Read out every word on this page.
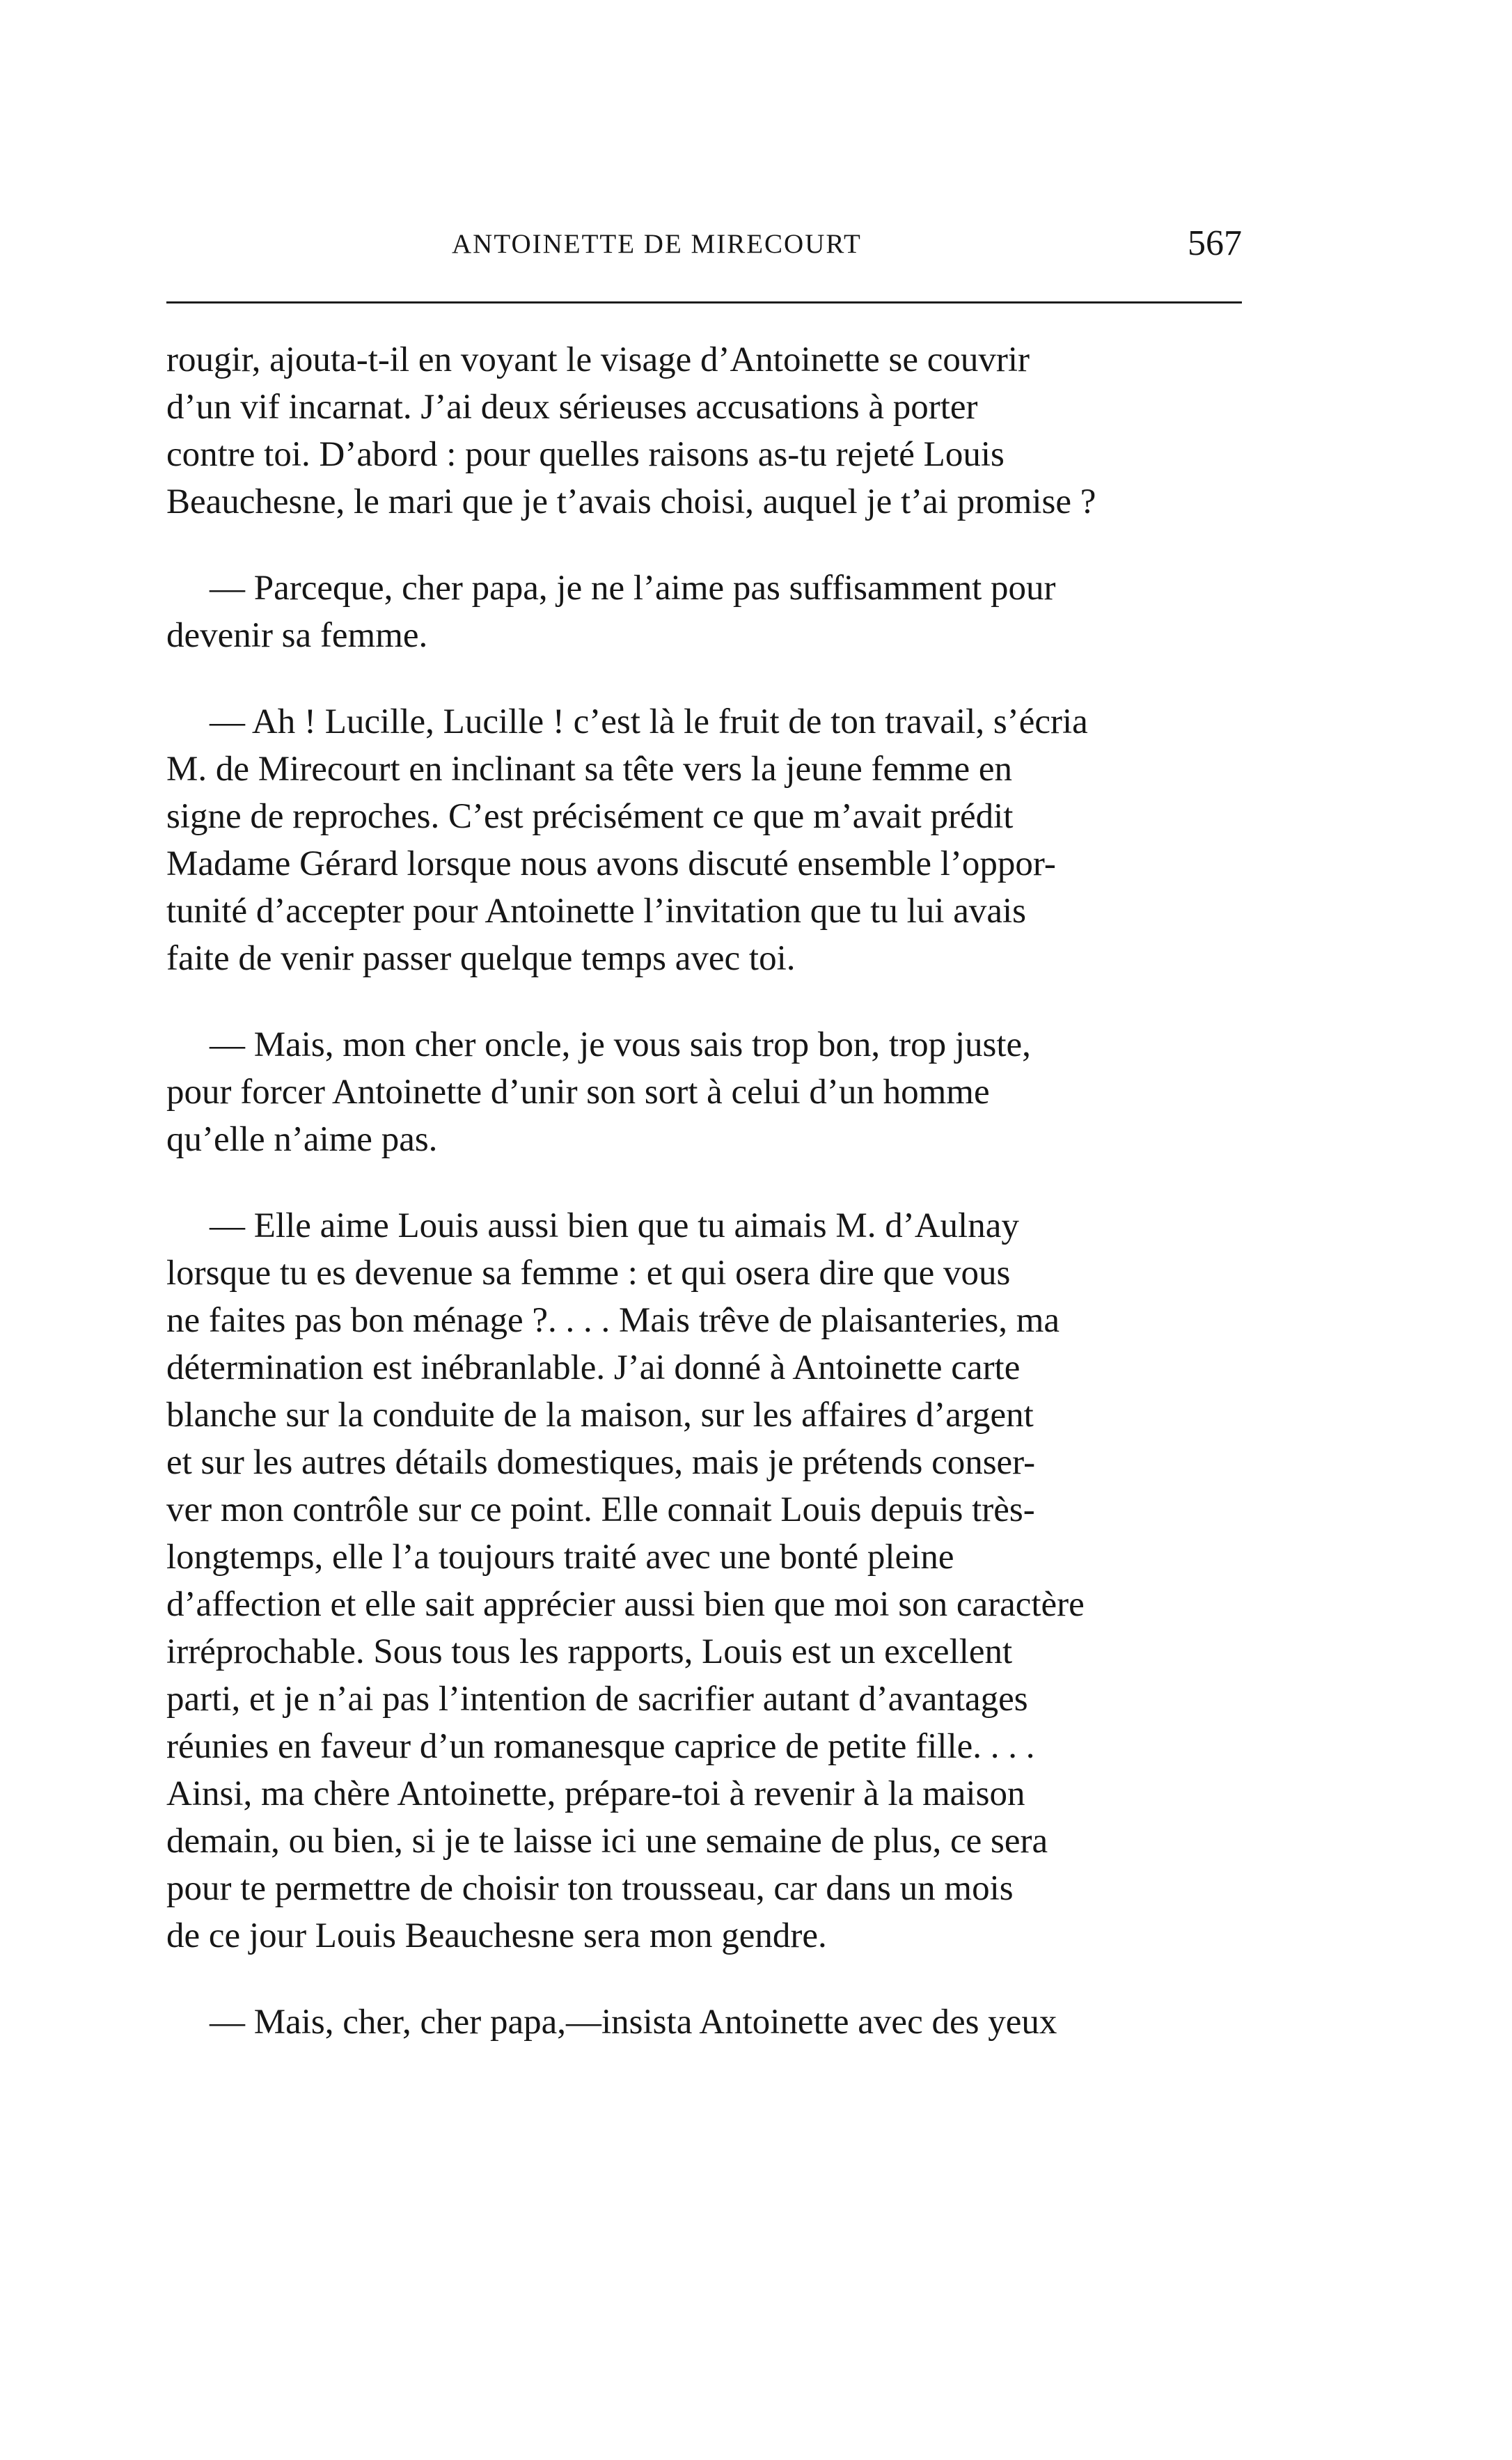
ANTOINETTE DE MIRECOURT	567

rougir, ajouta-t-il en voyant le visage d’Antoinette se couvrir
d’un vif incarnat. J’ai deux sérieuses accusations à porter
contre toi. D’abord : pour quelles raisons as-tu rejeté Louis
Beauchesne, le mari que je t’avais choisi, auquel je t’ai promise ?

— Parceque, cher papa, je ne l’aime pas suffisamment pour
devenir sa femme.

— Ah ! Lucille, Lucille ! c’est là le fruit de ton travail, s’écria
M. de Mirecourt en inclinant sa tête vers la jeune femme en
signe de reproches. C’est précisément ce que m’avait prédit
Madame Gérard lorsque nous avons discuté ensemble l’oppor-
tunité d’accepter pour Antoinette l’invitation que tu lui avais
faite de venir passer quelque temps avec toi.

— Mais, mon cher oncle, je vous sais trop bon, trop juste,
pour forcer Antoinette d’unir son sort à celui d’un homme
qu’elle n’aime pas.

— Elle aime Louis aussi bien que tu aimais M. d’Aulnay
lorsque tu es devenue sa femme : et qui osera dire que vous
ne faites pas bon ménage ?. . . . Mais trêve de plaisanteries, ma
détermination est inébranlable. J’ai donné à Antoinette carte
blanche sur la conduite de la maison, sur les affaires d’argent
et sur les autres détails domestiques, mais je prétends conser-
ver mon contrôle sur ce point. Elle connait Louis depuis très-
longtemps, elle l’a toujours traité avec une bonté pleine
d’affection et elle sait apprécier aussi bien que moi son caractère
irréprochable. Sous tous les rapports, Louis est un excellent
parti, et je n’ai pas l’intention de sacrifier autant d’avantages
réunies en faveur d’un romanesque caprice de petite fille. . . .
Ainsi, ma chère Antoinette, prépare-toi à revenir à la maison
demain, ou bien, si je te laisse ici une semaine de plus, ce sera
pour te permettre de choisir ton trousseau, car dans un mois
de ce jour Louis Beauchesne sera mon gendre.

— Mais, cher, cher papa,—insista Antoinette avec des yeux
